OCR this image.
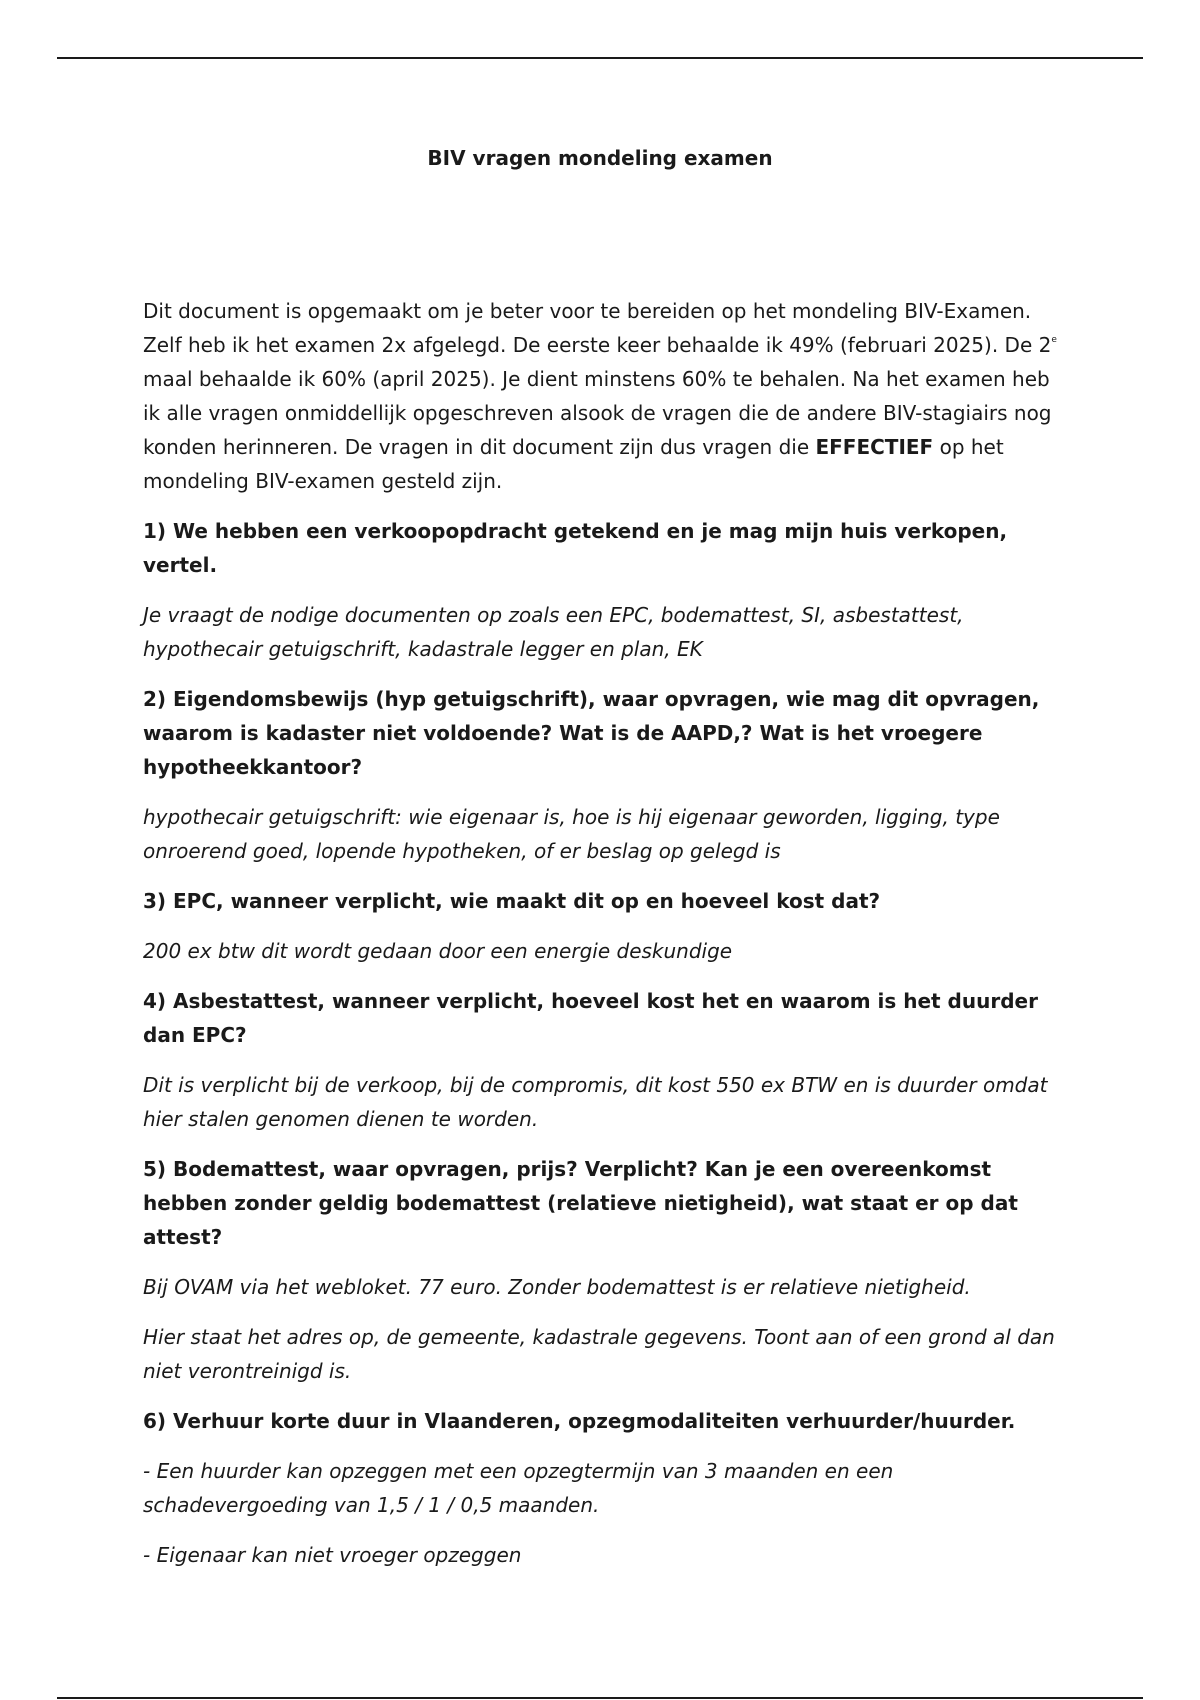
BIV vragen mondeling examen

Dit document is opgemaakt om je beter voor te bereiden op het mondeling BIV-Examen. Zelf heb ik het examen 2x afgelegd. De eerste keer behaalde ik 49% (februari 2025). De 2e maal behaalde ik 60% (april 2025). Je dient minstens 60% te behalen. Na het examen heb ik alle vragen onmiddellijk opgeschreven alsook de vragen die de andere BIV-stagiairs nog konden herinneren. De vragen in dit document zijn dus vragen die EFFECTIEF op het mondeling BIV-examen gesteld zijn.

1) We hebben een verkoopopdracht getekend en je mag mijn huis verkopen, vertel.

Je vraagt de nodige documenten op zoals een EPC, bodemattest, SI, asbestattest, hypothecair getuigschrift, kadastrale legger en plan, EK

2) Eigendomsbewijs (hyp getuigschrift), waar opvragen, wie mag dit opvragen, waarom is kadaster niet voldoende? Wat is de AAPD,? Wat is het vroegere hypotheekkantoor?

hypothecair getuigschrift: wie eigenaar is, hoe is hij eigenaar geworden, ligging, type onroerend goed, lopende hypotheken, of er beslag op gelegd is

3) EPC, wanneer verplicht, wie maakt dit op en hoeveel kost dat?

200 ex btw dit wordt gedaan door een energie deskundige

4) Asbestattest, wanneer verplicht, hoeveel kost het en waarom is het duurder dan EPC?

Dit is verplicht bij de verkoop, bij de compromis, dit kost 550 ex BTW en is duurder omdat hier stalen genomen dienen te worden.

5) Bodemattest, waar opvragen, prijs? Verplicht? Kan je een overeenkomst hebben zonder geldig bodemattest (relatieve nietigheid), wat staat er op dat attest?

Bij OVAM via het webloket. 77 euro. Zonder bodemattest is er relatieve nietigheid.

Hier staat het adres op, de gemeente, kadastrale gegevens. Toont aan of een grond al dan niet verontreinigd is.

6) Verhuur korte duur in Vlaanderen, opzegmodaliteiten verhuurder/huurder.

- Een huurder kan opzeggen met een opzegtermijn van 3 maanden en een schadevergoeding van 1,5 / 1 / 0,5 maanden.

- Eigenaar kan niet vroeger opzeggen
